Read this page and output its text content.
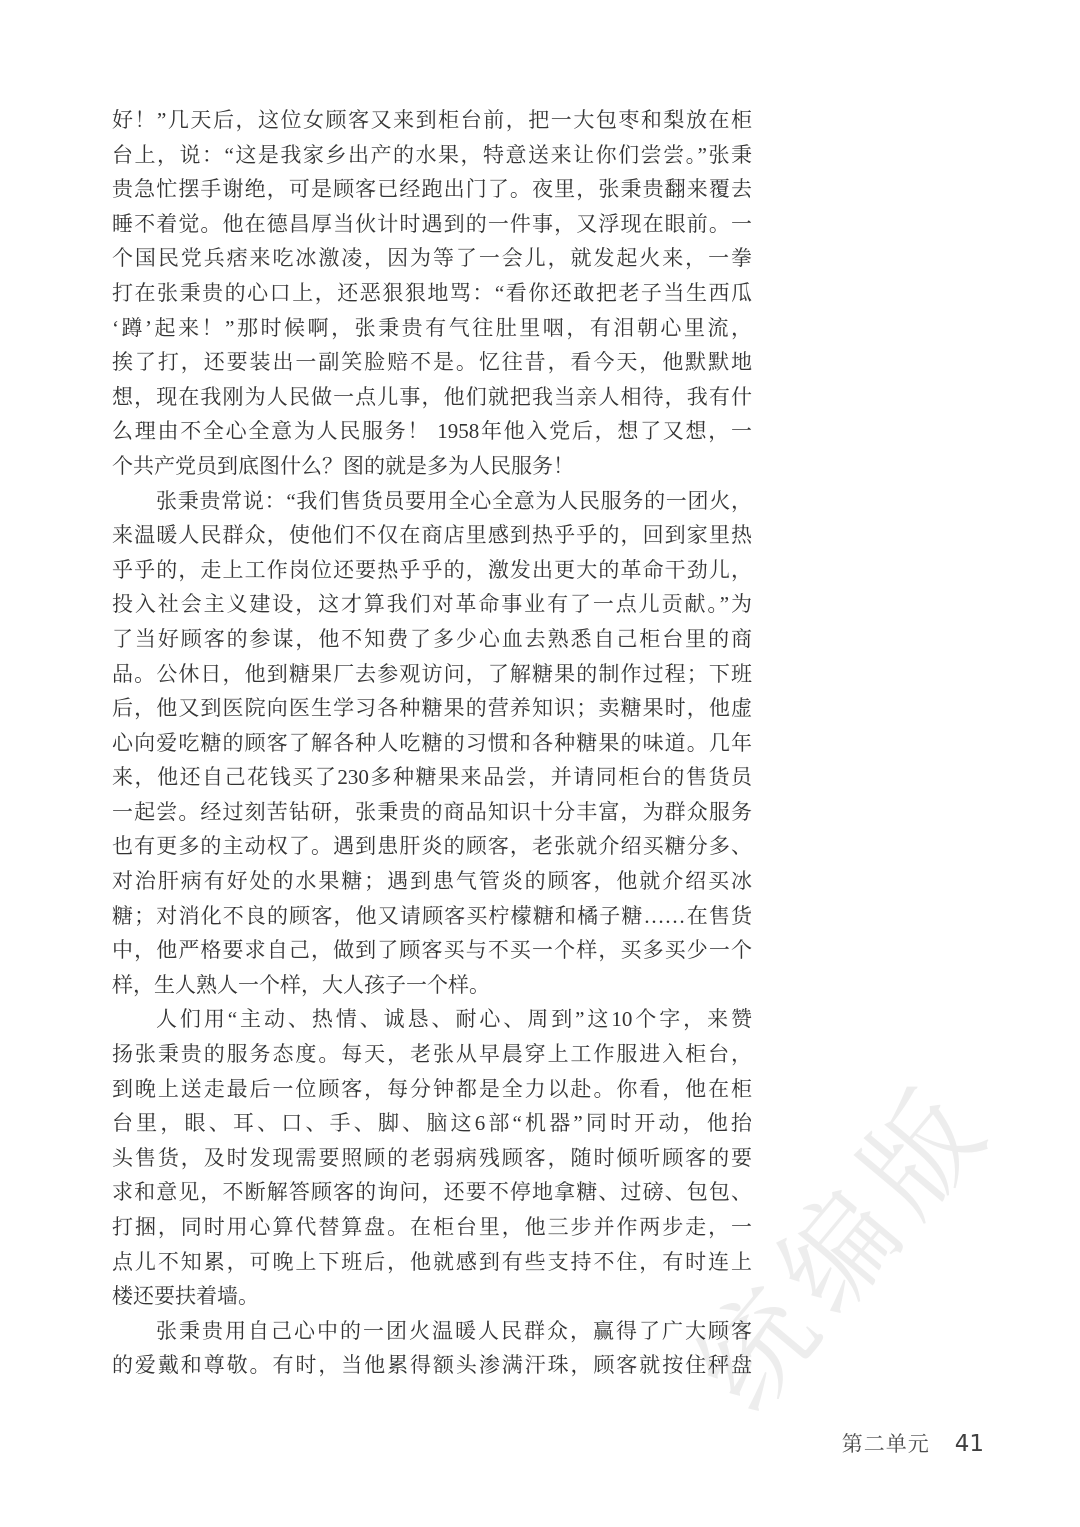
统编版
好！”几天后，这位女顾客又来到柜台前，把一大包枣和梨放在柜
台上，说：“这是我家乡出产的水果，特意送来让你们尝尝。”张秉
贵急忙摆手谢绝，可是顾客已经跑出门了。夜里，张秉贵翻来覆去
睡不着觉。他在德昌厚当伙计时遇到的一件事，又浮现在眼前。一
个国民党兵痞来吃冰激凌，因为等了一会儿，就发起火来，一拳
打在张秉贵的心口上，还恶狠狠地骂：“看你还敢把老子当生西瓜
‘蹲’起来！”那时候啊，张秉贵有气往肚里咽，有泪朝心里流，
挨了打，还要装出一副笑脸赔不是。忆往昔，看今天，他默默地
想，现在我刚为人民做一点儿事，他们就把我当亲人相待，我有什
么理由不全心全意为人民服务！ 1958年他入党后，想了又想，一
个共产党员到底图什么？图的就是多为人民服务！
张秉贵常说：“我们售货员要用全心全意为人民服务的一团火，
来温暖人民群众，使他们不仅在商店里感到热乎乎的，回到家里热
乎乎的，走上工作岗位还要热乎乎的，激发出更大的革命干劲儿，
投入社会主义建设，这才算我们对革命事业有了一点儿贡献。”为
了当好顾客的参谋，他不知费了多少心血去熟悉自己柜台里的商
品。公休日，他到糖果厂去参观访问，了解糖果的制作过程；下班
后，他又到医院向医生学习各种糖果的营养知识；卖糖果时，他虚
心向爱吃糖的顾客了解各种人吃糖的习惯和各种糖果的味道。几年
来，他还自己花钱买了230多种糖果来品尝，并请同柜台的售货员
一起尝。经过刻苦钻研，张秉贵的商品知识十分丰富，为群众服务
也有更多的主动权了。遇到患肝炎的顾客，老张就介绍买糖分多、
对治肝病有好处的水果糖；遇到患气管炎的顾客，他就介绍买冰
糖；对消化不良的顾客，他又请顾客买柠檬糖和橘子糖……在售货
中，他严格要求自己，做到了顾客买与不买一个样，买多买少一个
样，生人熟人一个样，大人孩子一个样。
人们用“主动、热情、诚恳、耐心、周到”这10个字，来赞
扬张秉贵的服务态度。每天，老张从早晨穿上工作服进入柜台，
到晚上送走最后一位顾客，每分钟都是全力以赴。你看，他在柜
台里，眼、耳、口、手、脚、脑这6部“机器”同时开动，他抬
头售货，及时发现需要照顾的老弱病残顾客，随时倾听顾客的要
求和意见，不断解答顾客的询问，还要不停地拿糖、过磅、包包、
打捆，同时用心算代替算盘。在柜台里，他三步并作两步走，一
点儿不知累，可晚上下班后，他就感到有些支持不住，有时连上
楼还要扶着墙。
张秉贵用自己心中的一团火温暖人民群众，赢得了广大顾客
的爱戴和尊敬。有时，当他累得额头渗满汗珠，顾客就按住秤盘
第二单元 41
